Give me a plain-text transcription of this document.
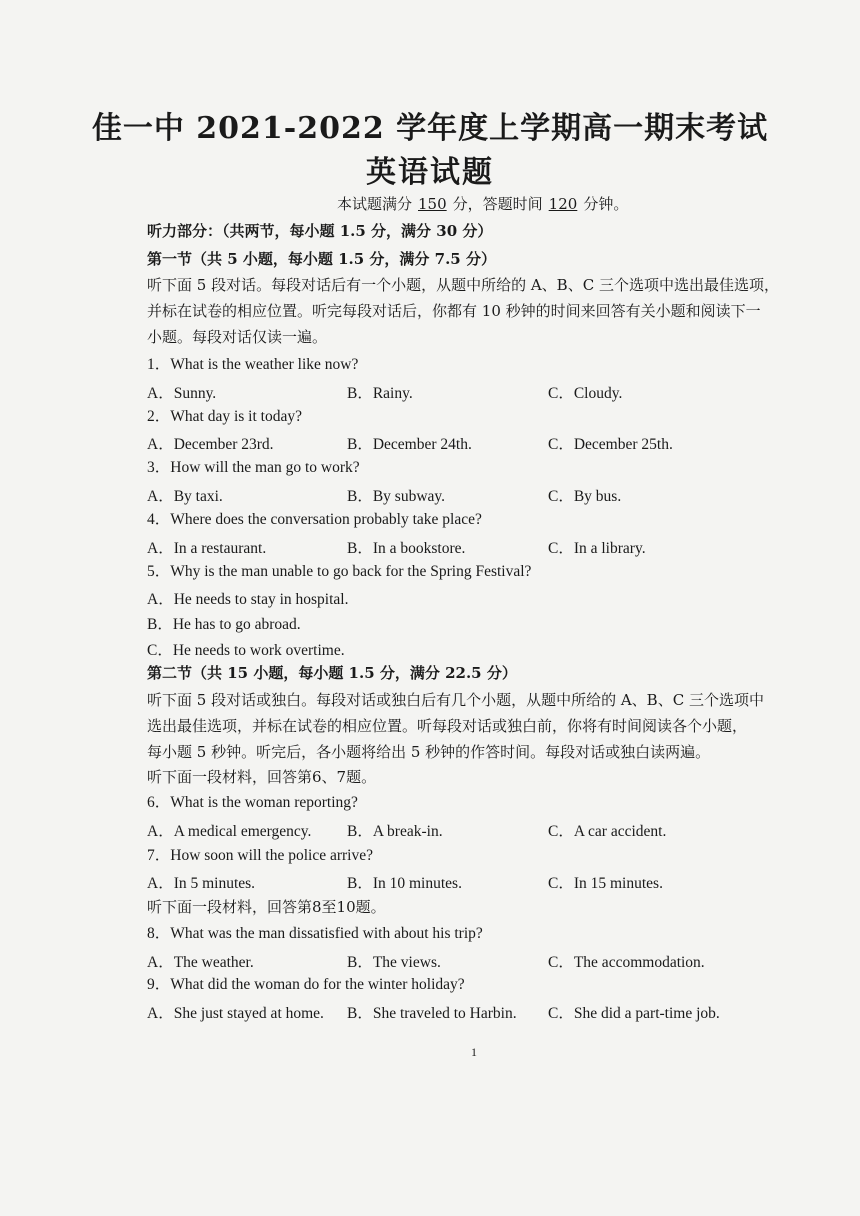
佳一中 2021-2022 学年度上学期高一期末考试
英语试题
本试题满分 150 分，答题时间 120 分钟。
听力部分：（共两节，每小题 1.5 分，满分 30 分）
第一节（共 5 小题，每小题 1.5 分，满分 7.5 分）
听下面 5 段对话。每段对话后有一个小题，从题中所给的 A、B、C 三个选项中选出最佳选项，
并标在试卷的相应位置。听完每段对话后，你都有 10 秒钟的时间来回答有关小题和阅读下一
小题。每段对话仅读一遍。
1．What is the weather like now?
A．Sunny.	B．Rainy.	C．Cloudy.
2．What day is it today?
A．December 23rd.	B．December 24th.	C．December 25th.
3．How will the man go to work?
A．By taxi.	B．By subway.	C．By bus.
4．Where does the conversation probably take place?
A．In a restaurant.	B．In a bookstore.	C．In a library.
5．Why is the man unable to go back for the Spring Festival?
A．He needs to stay in hospital.
B．He has to go abroad.
C．He needs to work overtime.
第二节（共 15 小题，每小题 1.5 分，满分 22.5 分）
听下面 5 段对话或独白。每段对话或独白后有几个小题，从题中所给的 A、B、C 三个选项中
选出最佳选项，并标在试卷的相应位置。听每段对话或独白前，你将有时间阅读各个小题，
每小题 5 秒钟。听完后，各小题将给出 5 秒钟的作答时间。每段对话或独白读两遍。
听下面一段材料，回答第6、7题。
6．What is the woman reporting?
A．A medical emergency. B．A break-in.	C．A car accident.
7．How soon will the police arrive?
A．In 5 minutes.	B．In 10 minutes.	C．In 15 minutes.
听下面一段材料，回答第8至10题。
8．What was the man dissatisfied with about his trip?
A．The weather.	B．The views.	C．The accommodation.
9．What did the woman do for the winter holiday?
A．She just stayed at home. B．She traveled to Harbin. C．She did a part-time job.
1
